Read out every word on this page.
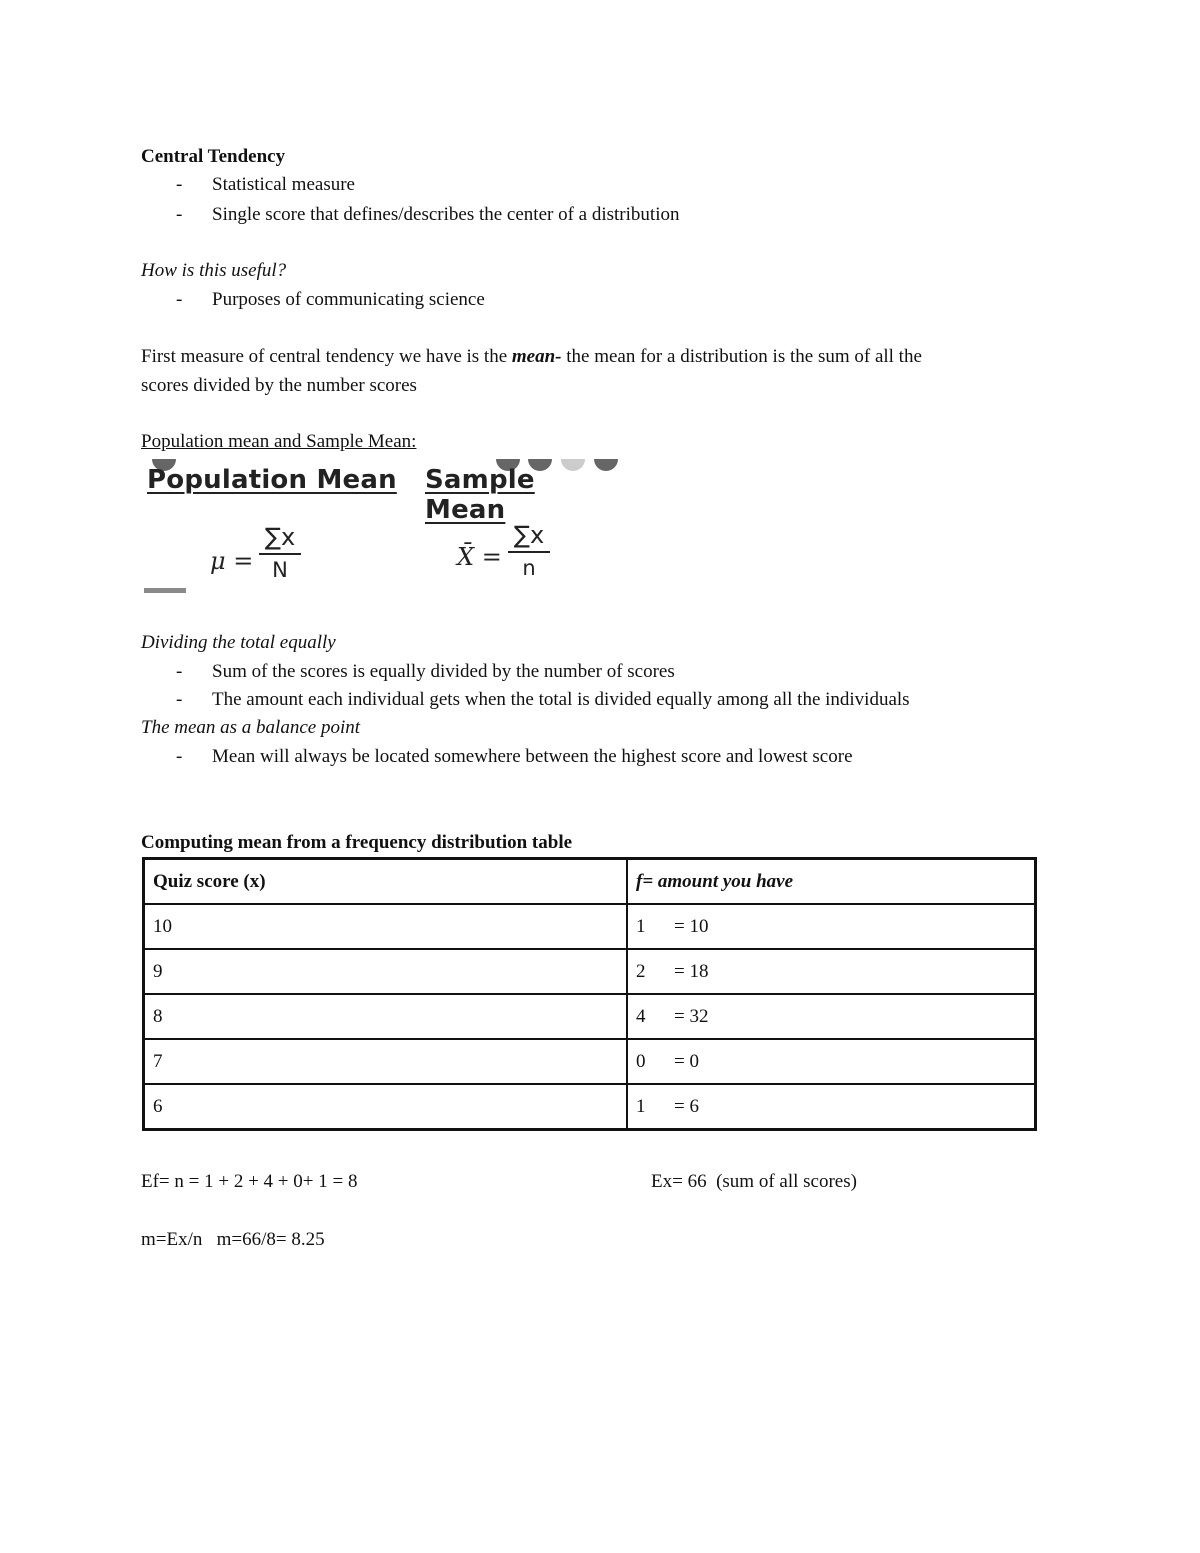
Central Tendency
- Statistical measure
- Single score that defines/describes the center of a distribution
How is this useful?
- Purposes of communicating science
First measure of central tendency we have is the mean- the mean for a distribution is the sum of all the
scores divided by the number scores
Population mean and Sample Mean:
Population Mean Sample Mean
μ =
∑x
N	X̄ =
∑x
n
Dividing the total equally
- Sum of the scores is equally divided by the number of scores
- The amount each individual gets when the total is divided equally among all the individuals
The mean as a balance point
- Mean will always be located somewhere between the highest score and lowest score
Computing mean from a frequency distribution table
Quiz score (x)	f= amount you have
10	1 = 10
9	2 = 18
8	4 = 32
7	0 = 0
6	1 = 6
Ef= n = 1 + 2 + 4 + 0+ 1 = 8	Ex= 66  (sum of all scores)
m=Ex/n   m=66/8= 8.25
